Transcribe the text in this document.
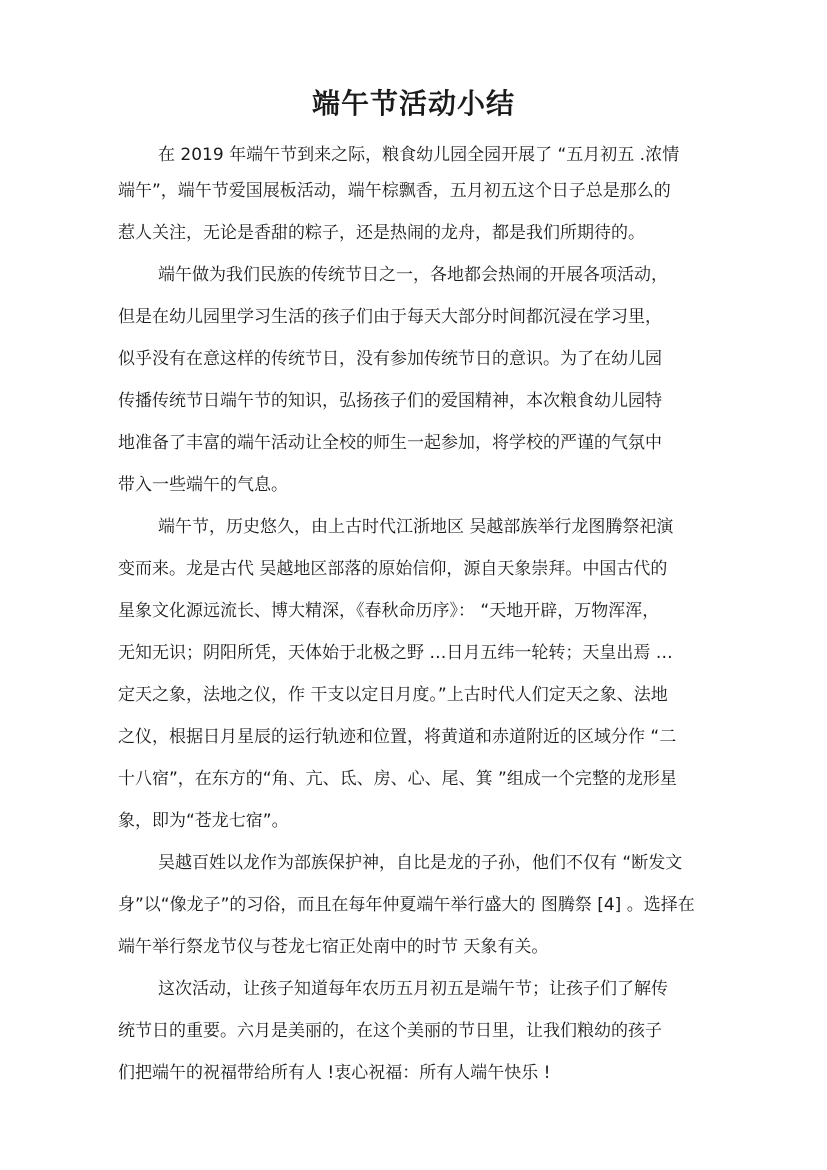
端午节活动小结
在 2019 年端午节到来之际，粮食幼儿园全园开展了 “五月初五 .浓情
端午”，端午节爱国展板活动，端午棕飘香，五月初五这个日子总是那么的
惹人关注，无论是香甜的粽子，还是热闹的龙舟，都是我们所期待的。
端午做为我们民族的传统节日之一，各地都会热闹的开展各项活动，
但是在幼儿园里学习生活的孩子们由于每天大部分时间都沉浸在学习里，
似乎没有在意这样的传统节日，没有参加传统节日的意识。为了在幼儿园
传播传统节日端午节的知识，弘扬孩子们的爱国精神，本次粮食幼儿园特
地准备了丰富的端午活动让全校的师生一起参加，将学校的严谨的气氛中
带入一些端午的气息。
端午节，历史悠久，由上古时代江浙地区 吴越部族举行龙图腾祭祀演
变而来。龙是古代 吴越地区部落的原始信仰，源自天象崇拜。中国古代的
星象文化源远流长、博大精深，《春秋命历序》： “天地开辟，万物浑浑，
无知无识；阴阳所凭，天体始于北极之野 …日月五纬一轮转；天皇出焉 …
定天之象，法地之仪，作 干支以定日月度。”上古时代人们定天之象、法地
之仪，根据日月星辰的运行轨迹和位置，将黄道和赤道附近的区域分作 “二
十八宿”，在东方的“角、亢、氐、房、心、尾、箕 ”组成一个完整的龙形星
象，即为“苍龙七宿”。
吴越百姓以龙作为部族保护神，自比是龙的子孙，他们不仅有 “断发文
身”以“像龙子”的习俗，而且在每年仲夏端午举行盛大的 图腾祭 [4] 。选择在
端午举行祭龙节仪与苍龙七宿正处南中的时节 天象有关。
这次活动，让孩子知道每年农历五月初五是端午节；让孩子们了解传
统节日的重要。六月是美丽的，在这个美丽的节日里，让我们粮幼的孩子
们把端午的祝福带给所有人 !衷心祝福：所有人端午快乐 !
